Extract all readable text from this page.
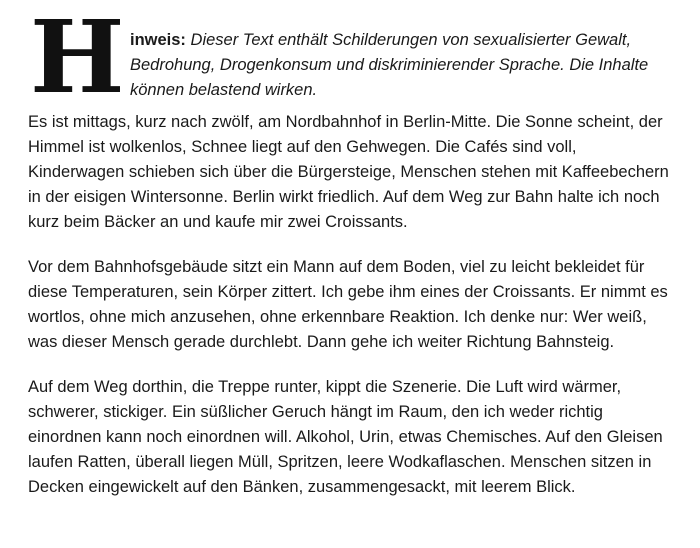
H inweis: Dieser Text enthält Schilderungen von sexualisierter Gewalt, Bedrohung, Drogenkonsum und diskriminierender Sprache. Die Inhalte können belastend wirken.

Es ist mittags, kurz nach zwölf, am Nordbahnhof in Berlin-Mitte. Die Sonne scheint, der Himmel ist wolkenlos, Schnee liegt auf den Gehwegen. Die Cafés sind voll, Kinderwagen schieben sich über die Bürgersteige, Menschen stehen mit Kaffeebechern in der eisigen Wintersonne. Berlin wirkt friedlich. Auf dem Weg zur Bahn halte ich noch kurz beim Bäcker an und kaufe mir zwei Croissants.

Vor dem Bahnhofsgebäude sitzt ein Mann auf dem Boden, viel zu leicht bekleidet für diese Temperaturen, sein Körper zittert. Ich gebe ihm eines der Croissants. Er nimmt es wortlos, ohne mich anzusehen, ohne erkennbare Reaktion. Ich denke nur: Wer weiß, was dieser Mensch gerade durchlebt. Dann gehe ich weiter Richtung Bahnsteig.

Auf dem Weg dorthin, die Treppe runter, kippt die Szenerie. Die Luft wird wärmer, schwerer, stickiger. Ein süßlicher Geruch hängt im Raum, den ich weder richtig einordnen kann noch einordnen will. Alkohol, Urin, etwas Chemisches. Auf den Gleisen laufen Ratten, überall liegen Müll, Spritzen, leere Wodkaflaschen. Menschen sitzen in Decken eingewickelt auf den Bänken, zusammengesackt, mit leerem Blick.
